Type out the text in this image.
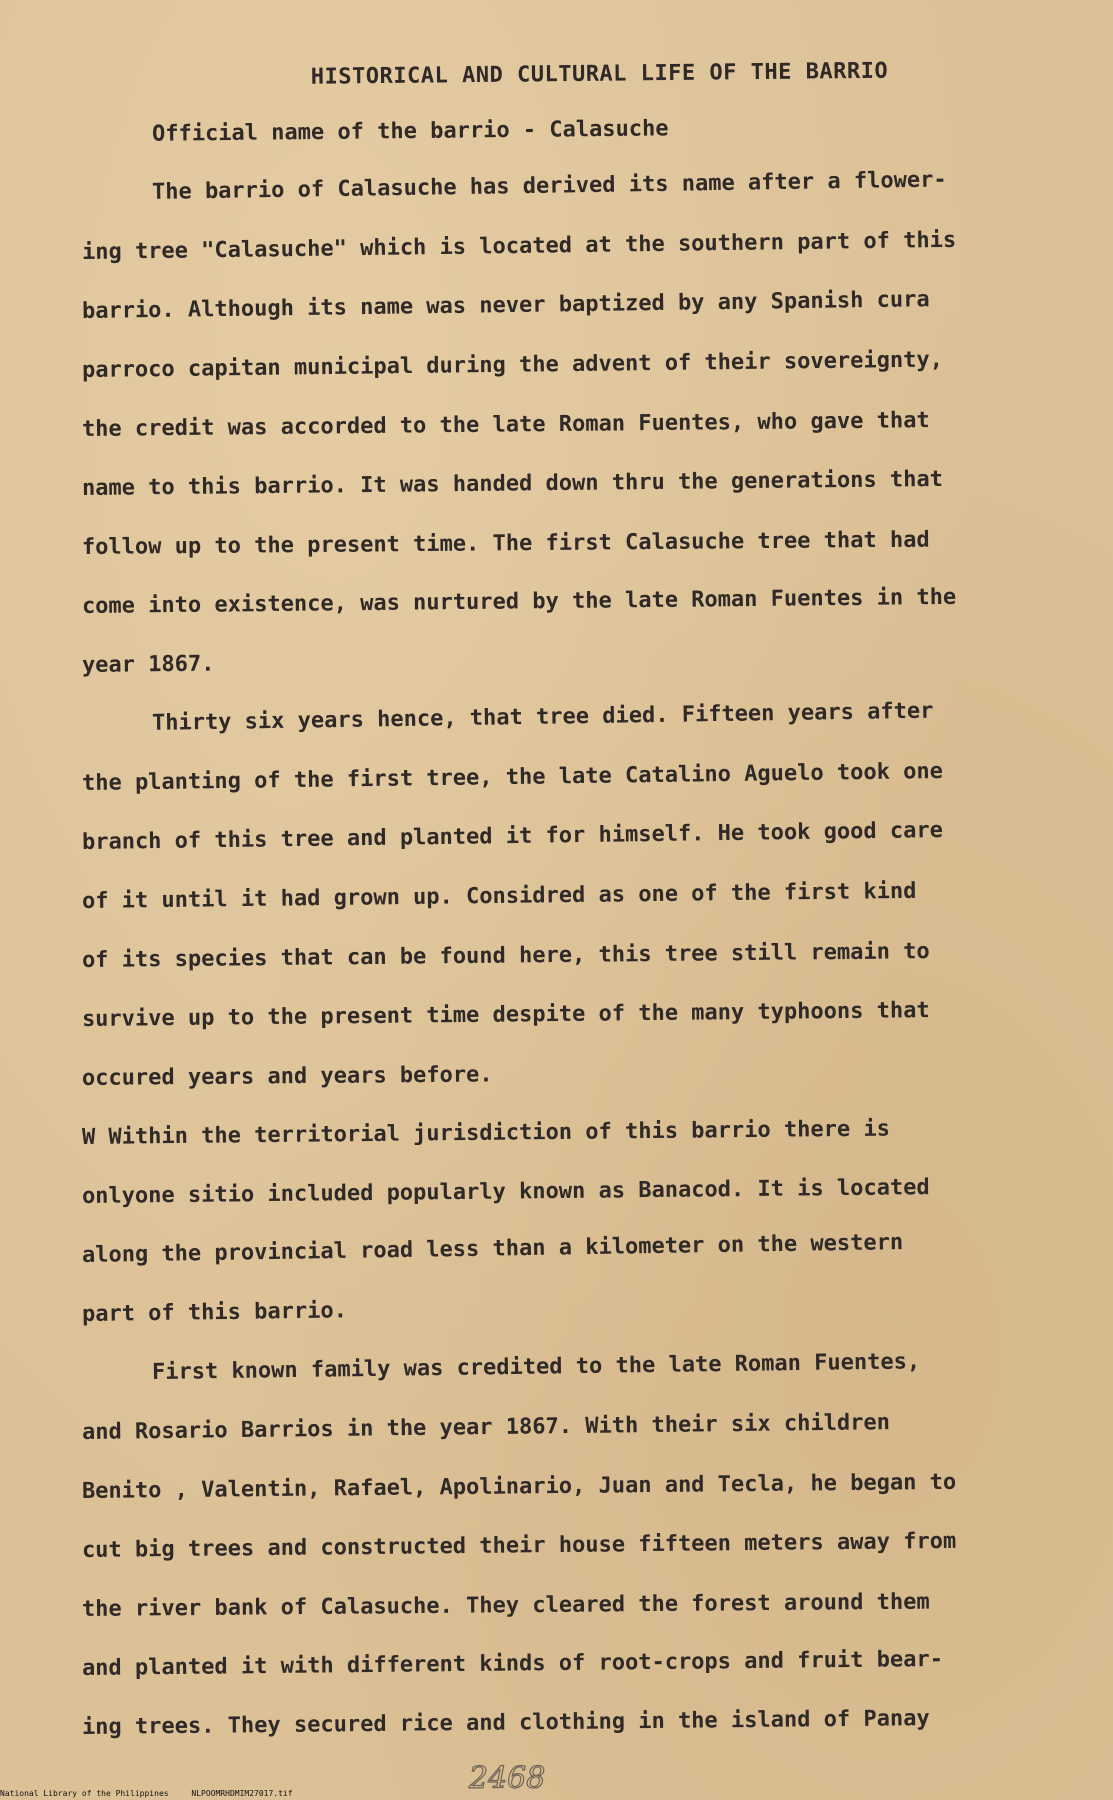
HISTORICAL AND CULTURAL LIFE OF THE BARRIO
Official name of the barrio - Calasuche
The barrio of Calasuche has derived its name after a flower-
ing tree "Calasuche" which is located at the southern part of this
barrio. Although its name was never baptized by any Spanish cura
parroco capitan municipal during the advent of their sovereignty,
the credit was accorded to the late Roman Fuentes, who gave that
name to this barrio. It was handed down thru the generations that
follow up to the present time. The first Calasuche tree that had
come into existence, was nurtured by the late Roman Fuentes in the
year 1867.
Thirty six years hence, that tree died. Fifteen years after
the planting of the first tree, the late Catalino Aguelo took one
branch of this tree and planted it for himself. He took good care
of it until it had grown up. Considred as one of the first kind
of its species that can be found here, this tree still remain to
survive up to the present time despite of the many typhoons that
occured years and years before.
W Within the territorial jurisdiction of this barrio there is
onlyone sitio included popularly known as Banacod. It is located
along the provincial road less than a kilometer on the western
part of this barrio.
First known family was credited to the late Roman Fuentes,
and Rosario Barrios in the year 1867. With their six children
Benito , Valentin, Rafael, Apolinario, Juan and Tecla, he began to
cut big trees and constructed their house fifteen meters away from
the river bank of Calasuche. They cleared the forest around them
and planted it with different kinds of root-crops and fruit bear-
ing trees. They secured rice and clothing in the island of Panay
2468
National Library of the Philippines	NLPOOMRHDMIM27017.tif
